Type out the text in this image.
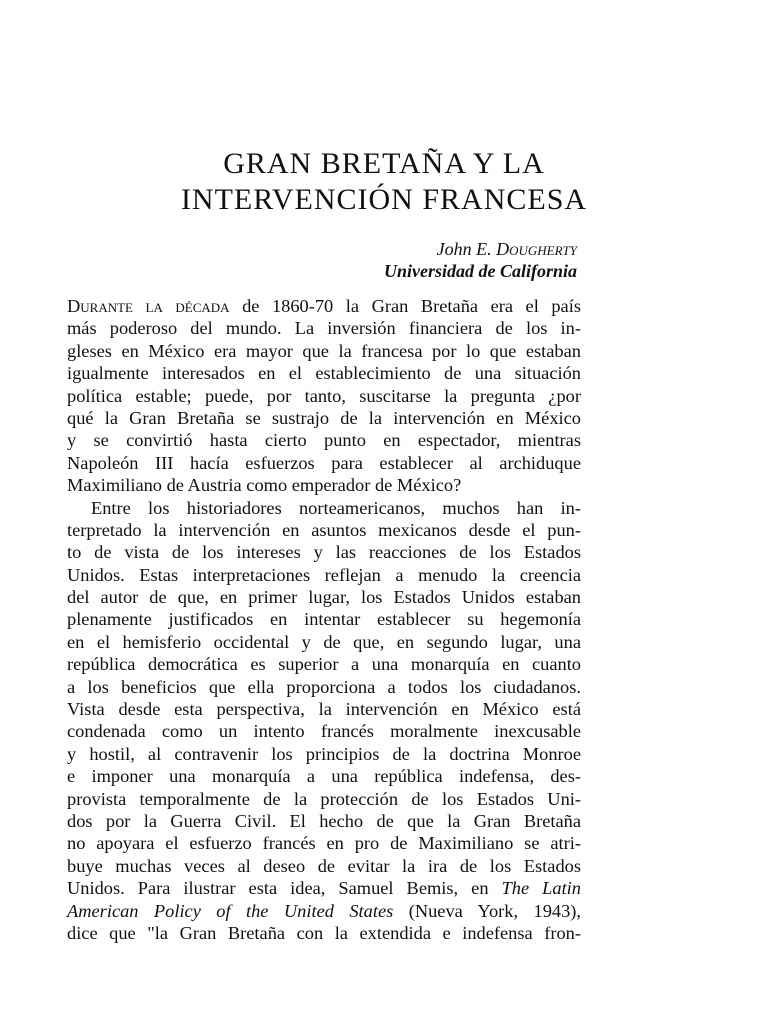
GRAN BRETAÑA Y LA
INTERVENCIÓN FRANCESA
John E. Dougherty
Universidad de California
Durante la década de 1860-70 la Gran Bretaña era el país
más poderoso del mundo. La inversión financiera de los in-
gleses en México era mayor que la francesa por lo que estaban
igualmente interesados en el establecimiento de una situación
política estable; puede, por tanto, suscitarse la pregunta ¿por
qué la Gran Bretaña se sustrajo de la intervención en México
y se convirtió hasta cierto punto en espectador, mientras
Napoleón III hacía esfuerzos para establecer al archiduque
Maximiliano de Austria como emperador de México?
Entre los historiadores norteamericanos, muchos han in-
terpretado la intervención en asuntos mexicanos desde el pun-
to de vista de los intereses y las reacciones de los Estados
Unidos. Estas interpretaciones reflejan a menudo la creencia
del autor de que, en primer lugar, los Estados Unidos estaban
plenamente justificados en intentar establecer su hegemonía
en el hemisferio occidental y de que, en segundo lugar, una
república democrática es superior a una monarquía en cuanto
a los beneficios que ella proporciona a todos los ciudadanos.
Vista desde esta perspectiva, la intervención en México está
condenada como un intento francés moralmente inexcusable
y hostil, al contravenir los principios de la doctrina Monroe
e imponer una monarquía a una república indefensa, des-
provista temporalmente de la protección de los Estados Uni-
dos por la Guerra Civil. El hecho de que la Gran Bretaña
no apoyara el esfuerzo francés en pro de Maximiliano se atri-
buye muchas veces al deseo de evitar la ira de los Estados
Unidos. Para ilustrar esta idea, Samuel Bemis, en The Latin
American Policy of the United States (Nueva York, 1943),
dice que "la Gran Bretaña con la extendida e indefensa fron-
